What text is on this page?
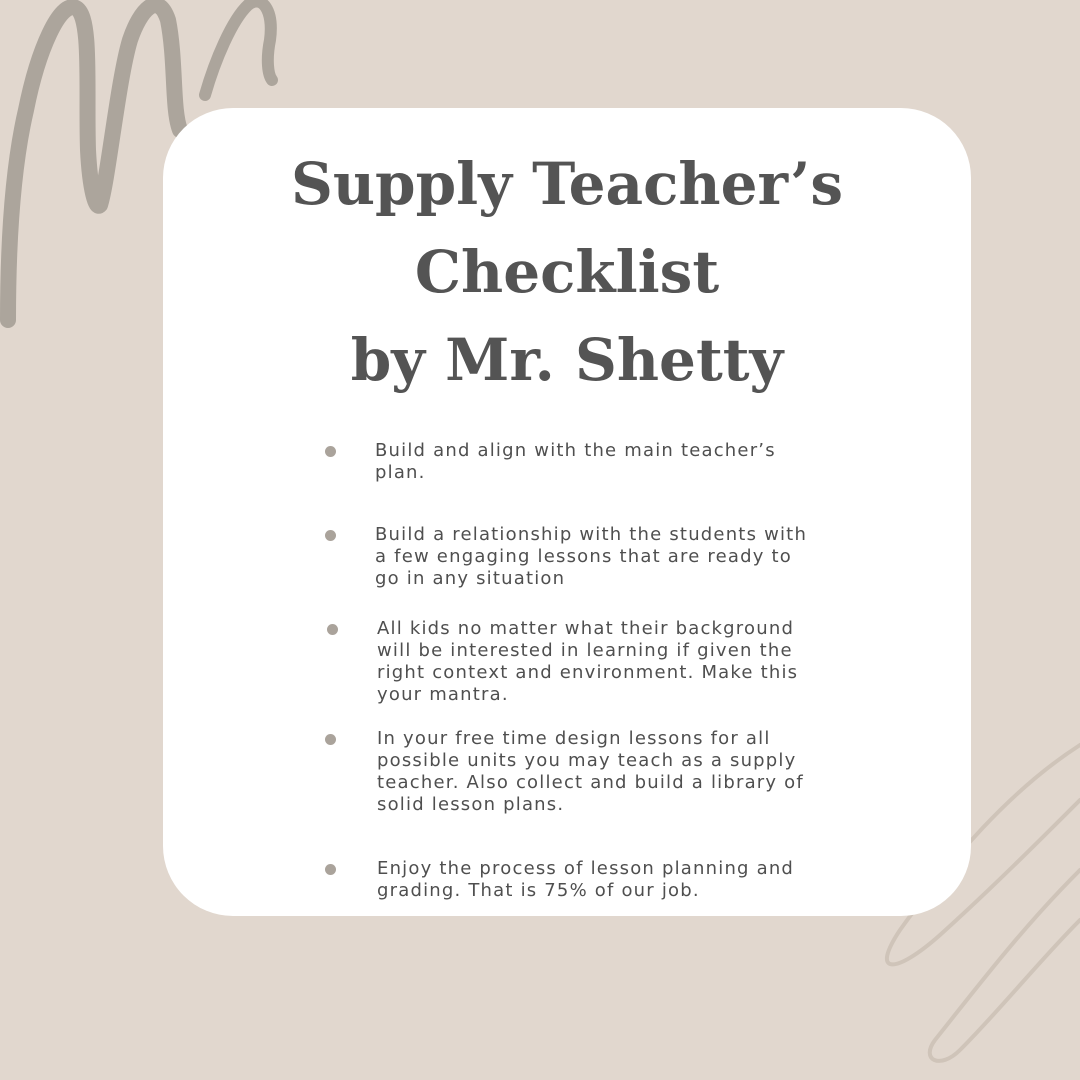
Supply Teacher’s
Checklist
by Mr. Shetty
Build and align with the main teacher’s plan.
Build a relationship with the students with a few engaging lessons that are ready to go in any situation
All kids no matter what their background will be interested in learning if given the right context and environment. Make this your mantra.
In your free time design lessons for all possible units you may teach as a supply teacher. Also collect and build a library of solid lesson plans.
Enjoy the process of lesson planning and grading. That is 75% of our job.
